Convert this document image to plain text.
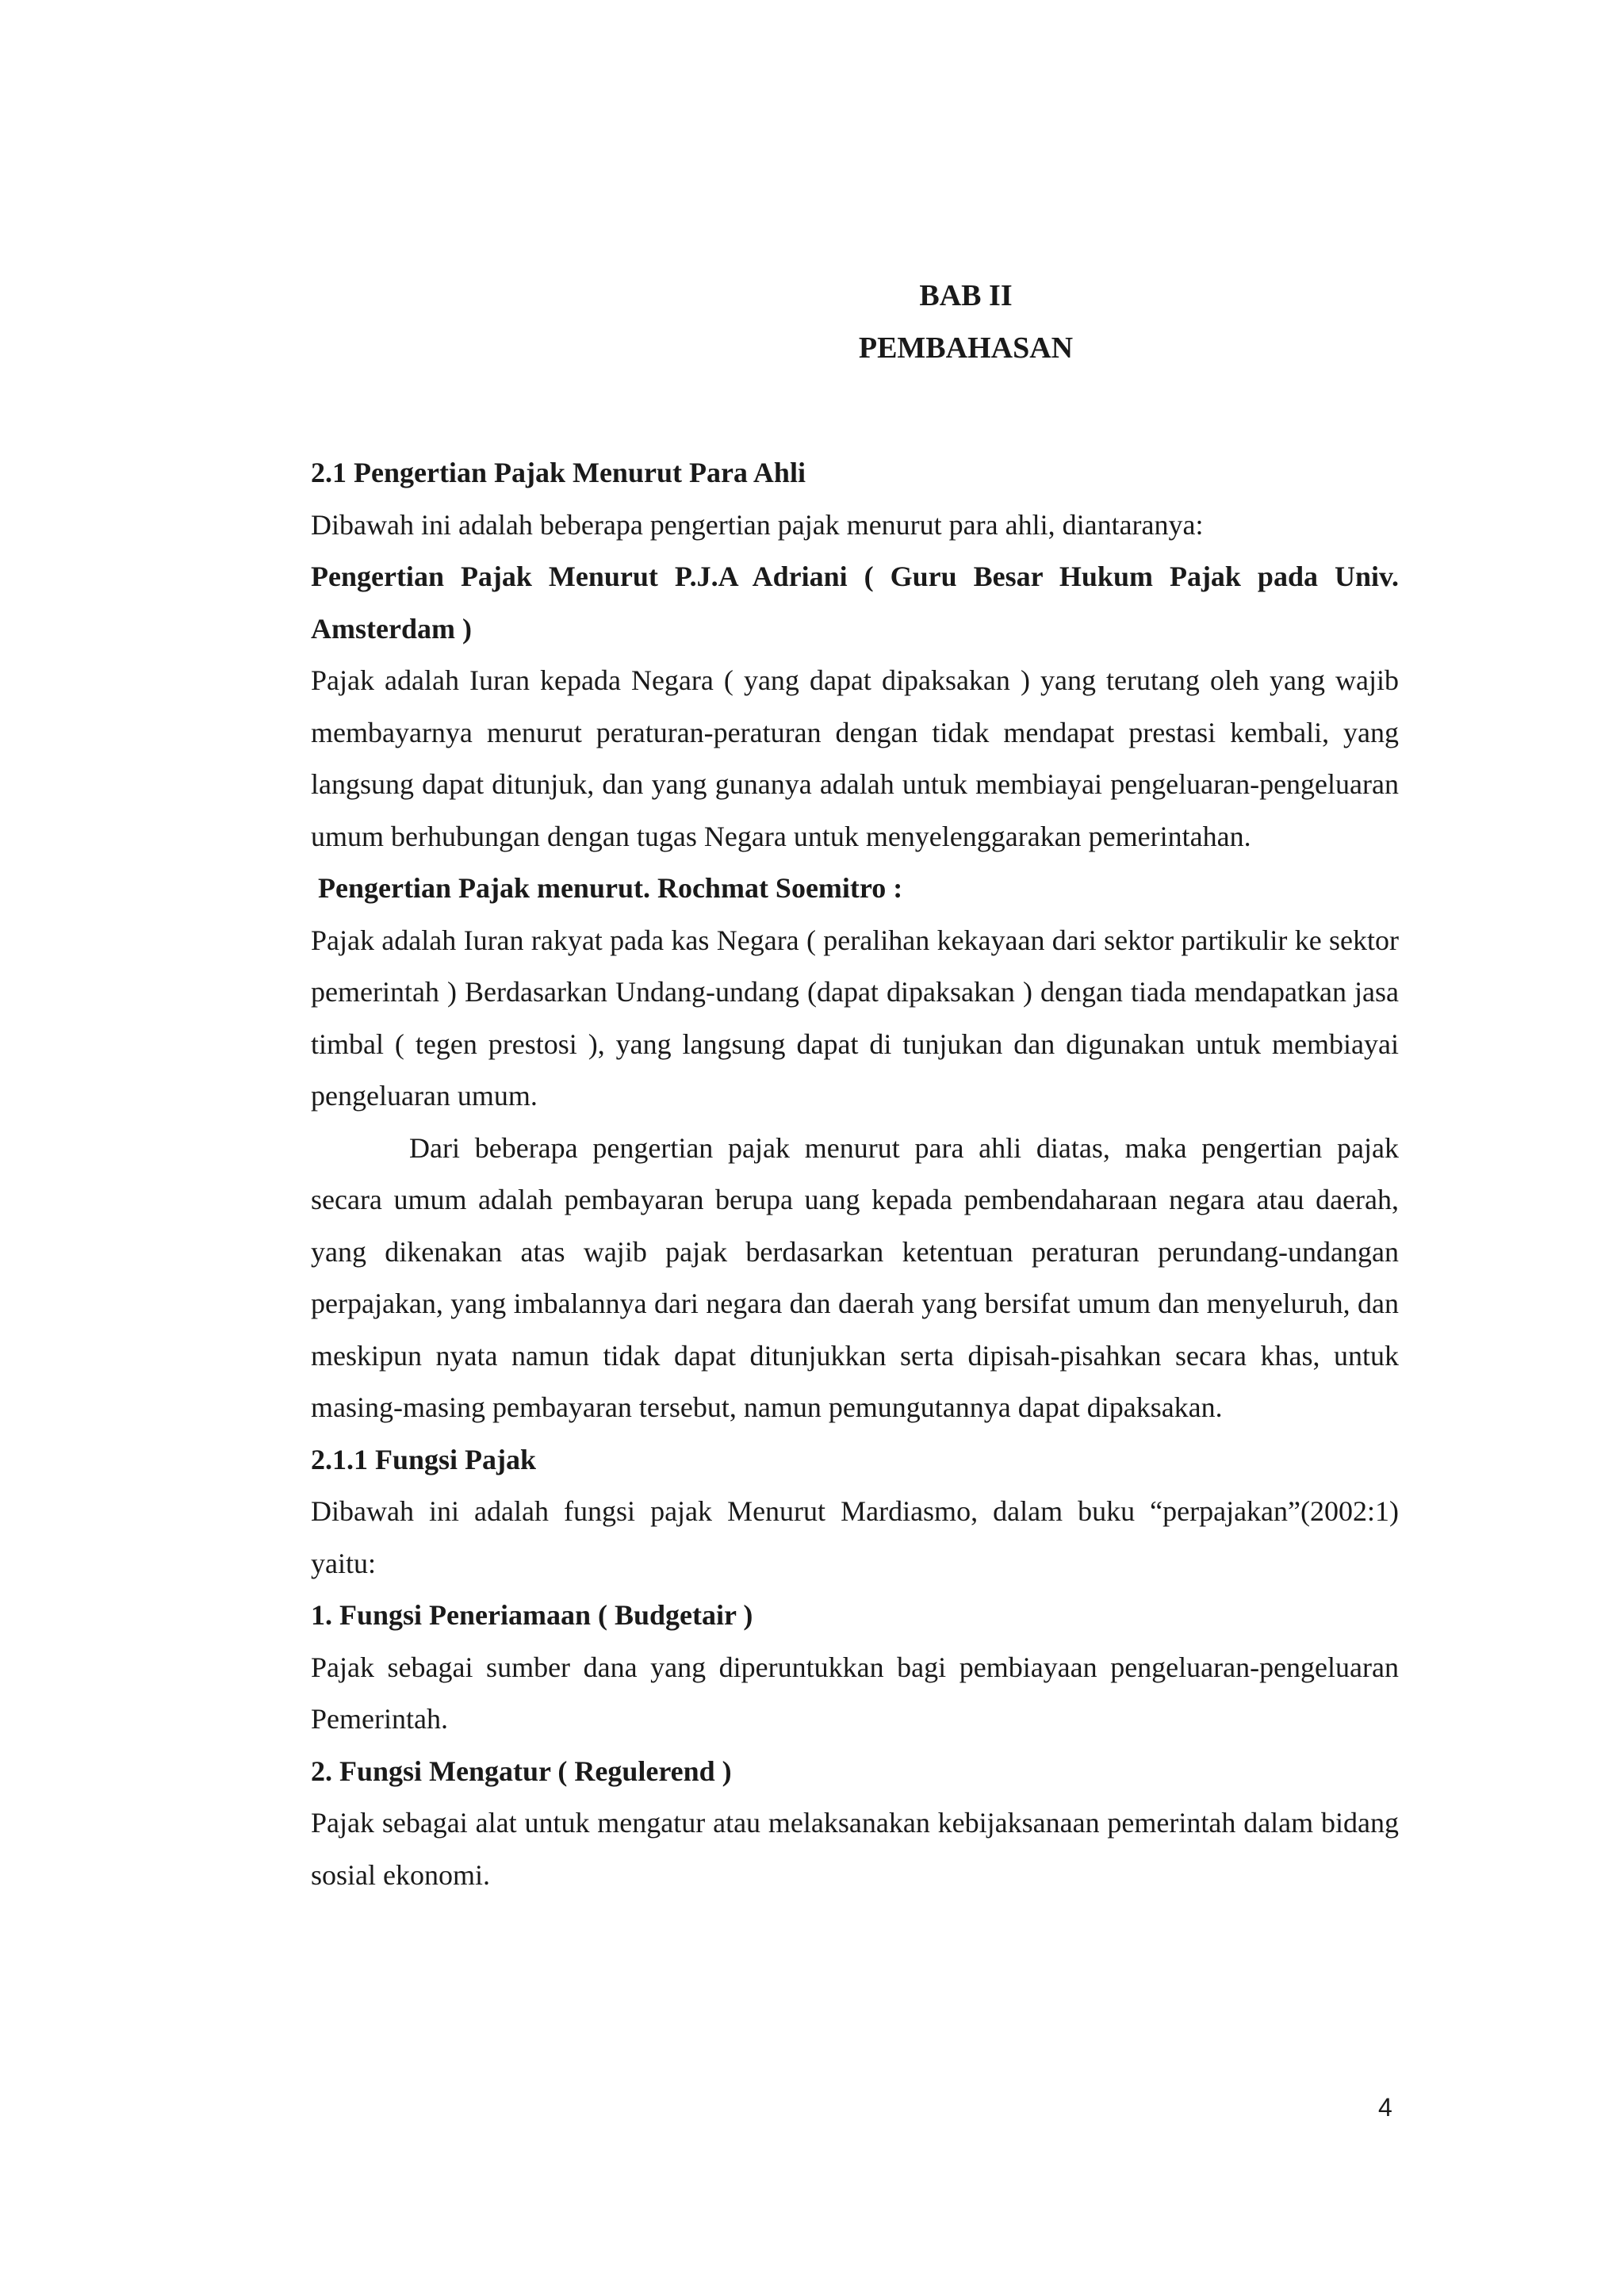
BAB II

PEMBAHASAN

2.1 Pengertian Pajak Menurut Para Ahli

Dibawah ini adalah beberapa pengertian pajak menurut para ahli, diantaranya:

Pengertian Pajak Menurut P.J.A Adriani ( Guru Besar Hukum Pajak pada Univ. Amsterdam )

Pajak adalah Iuran kepada Negara ( yang dapat dipaksakan ) yang terutang oleh yang wajib membayarnya menurut peraturan-peraturan dengan tidak mendapat prestasi kembali, yang langsung dapat ditunjuk, dan yang gunanya adalah untuk membiayai pengeluaran-pengeluaran umum berhubungan dengan tugas Negara untuk menyelenggarakan pemerintahan.

Pengertian Pajak menurut. Rochmat Soemitro :

Pajak adalah Iuran rakyat pada kas Negara ( peralihan kekayaan dari sektor partikulir ke sektor pemerintah ) Berdasarkan Undang-undang (dapat dipaksakan ) dengan tiada mendapatkan jasa timbal ( tegen prestosi ), yang langsung dapat di tunjukan dan digunakan untuk membiayai pengeluaran umum.

Dari beberapa pengertian pajak menurut para ahli diatas, maka pengertian pajak secara umum adalah pembayaran berupa uang kepada pembendaharaan negara atau daerah, yang dikenakan atas wajib pajak berdasarkan ketentuan peraturan perundang-undangan perpajakan, yang imbalannya dari negara dan daerah yang bersifat umum dan menyeluruh, dan meskipun nyata namun tidak dapat ditunjukkan serta dipisah-pisahkan secara khas, untuk masing-masing pembayaran tersebut, namun pemungutannya dapat dipaksakan.

2.1.1 Fungsi Pajak

Dibawah ini adalah fungsi pajak Menurut Mardiasmo, dalam buku “perpajakan”(2002:1) yaitu:

1. Fungsi Peneriamaan ( Budgetair )

Pajak sebagai sumber dana yang diperuntukkan bagi pembiayaan pengeluaran-pengeluaran Pemerintah.

2. Fungsi Mengatur ( Regulerend )

Pajak sebagai alat untuk mengatur atau melaksanakan kebijaksanaan pemerintah dalam bidang sosial ekonomi.

4
